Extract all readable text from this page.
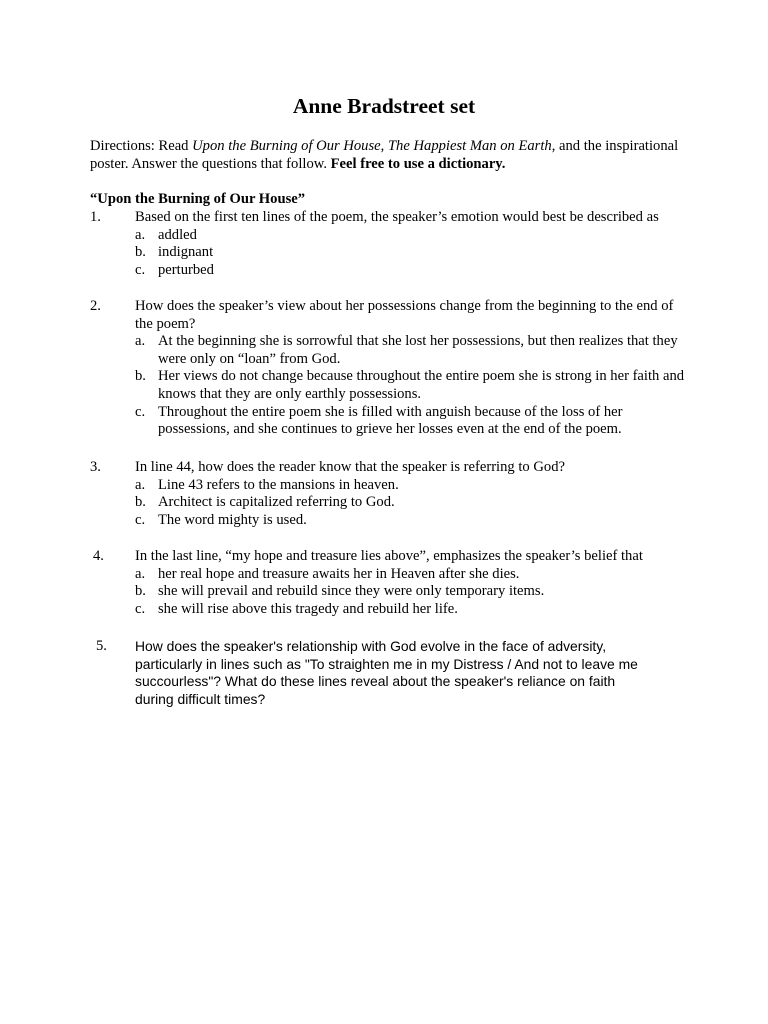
Anne Bradstreet set
Directions: Read Upon the Burning of Our House, The Happiest Man on Earth, and the inspirational poster. Answer the questions that follow. Feel free to use a dictionary.
“Upon the Burning of Our House”
1. Based on the first ten lines of the poem, the speaker’s emotion would best be described as
a. addled
b. indignant
c. perturbed
2. How does the speaker’s view about her possessions change from the beginning to the end of the poem?
a. At the beginning she is sorrowful that she lost her possessions, but then realizes that they were only on “loan” from God.
b. Her views do not change because throughout the entire poem she is strong in her faith and knows that they are only earthly possessions.
c. Throughout the entire poem she is filled with anguish because of the loss of her possessions, and she continues to grieve her losses even at the end of the poem.
3. In line 44, how does the reader know that the speaker is referring to God?
a. Line 43 refers to the mansions in heaven.
b. Architect is capitalized referring to God.
c. The word mighty is used.
4. In the last line, “my hope and treasure lies above”, emphasizes the speaker’s belief that
a. her real hope and treasure awaits her in Heaven after she dies.
b. she will prevail and rebuild since they were only temporary items.
c. she will rise above this tragedy and rebuild her life.
5. How does the speaker's relationship with God evolve in the face of adversity, particularly in lines such as "To straighten me in my Distress / And not to leave me succourless"? What do these lines reveal about the speaker's reliance on faith during difficult times?
